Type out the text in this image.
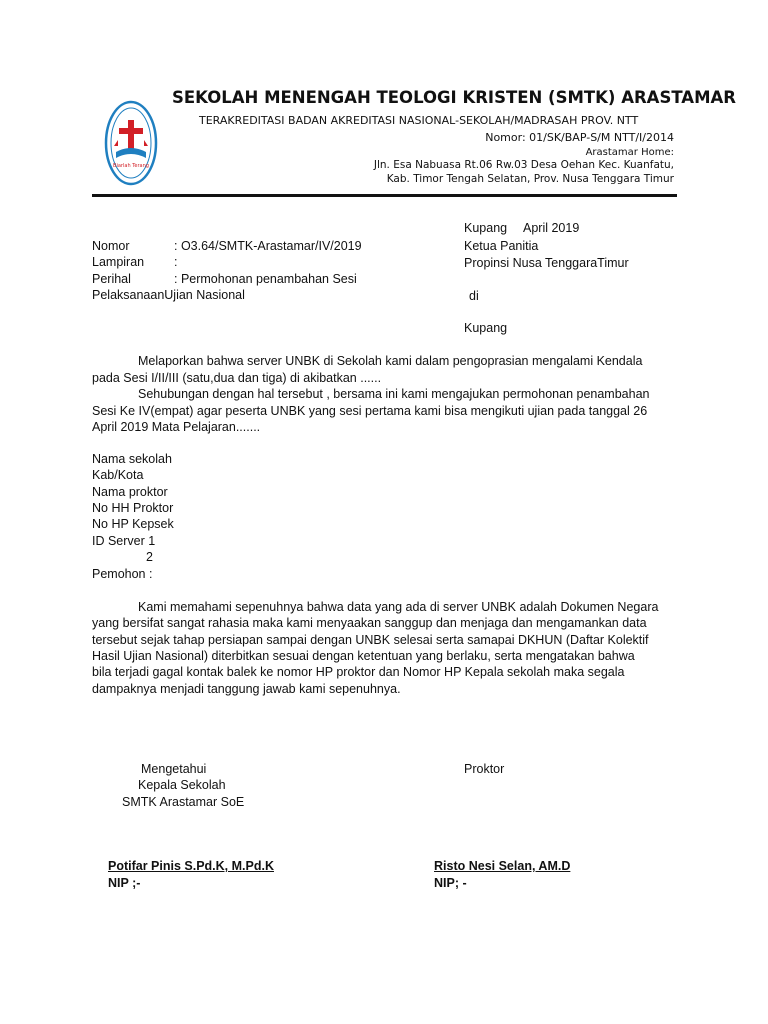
Biarlah Terang
SEKOLAH MENENGAH TEOLOGI KRISTEN (SMTK) ARASTAMAR
TERAKREDITASI BADAN AKREDITASI NASIONAL-SEKOLAH/MADRASAH PROV. NTT
Nomor: 01/SK/BAP-S/M NTT/I/2014
Arastamar Home:
Jln. Esa Nabuasa Rt.06 Rw.03 Desa Oehan Kec. Kuanfatu,
Kab. Timor Tengah Selatan, Prov. Nusa Tenggara Timur
Kupang April 2019
Ketua Panitia
Propinsi Nusa TenggaraTimur
di
Kupang
Nomor	: O3.64/SMTK-Arastamar/IV/2019
Lampiran :
Perihal	: Permohonan penambahan Sesi
PelaksanaanUjian Nasional
Melaporkan bahwa server UNBK di Sekolah kami dalam pengoprasian mengalami Kendala
pada Sesi I/II/III (satu,dua dan tiga) di akibatkan ......
Sehubungan dengan hal tersebut , bersama ini kami mengajukan permohonan penambahan
Sesi Ke IV(empat) agar peserta UNBK yang sesi pertama kami bisa mengikuti ujian pada tanggal 26
April 2019 Mata Pelajaran.......
Nama sekolah
Kab/Kota
Nama proktor
No HH Proktor
No HP Kepsek
ID Server 1
2
Pemohon :
Kami memahami sepenuhnya bahwa data yang ada di server UNBK adalah Dokumen Negara
yang bersifat sangat rahasia maka kami menyaakan sanggup dan menjaga dan mengamankan data
tersebut sejak tahap persiapan sampai dengan UNBK selesai serta samapai DKHUN (Daftar Kolektif
Hasil Ujian Nasional) diterbitkan sesuai dengan ketentuan yang berlaku, serta mengatakan bahwa
bila terjadi gagal kontak balek ke nomor HP proktor dan Nomor HP Kepala sekolah maka segala
dampaknya menjadi tanggung jawab kami sepenuhnya.
Mengetahui
Kepala Sekolah
SMTK Arastamar SoE
Proktor
Potifar Pinis S.Pd.K, M.Pd.K
NIP ;-
Risto Nesi Selan, AM.D
NIP; -
